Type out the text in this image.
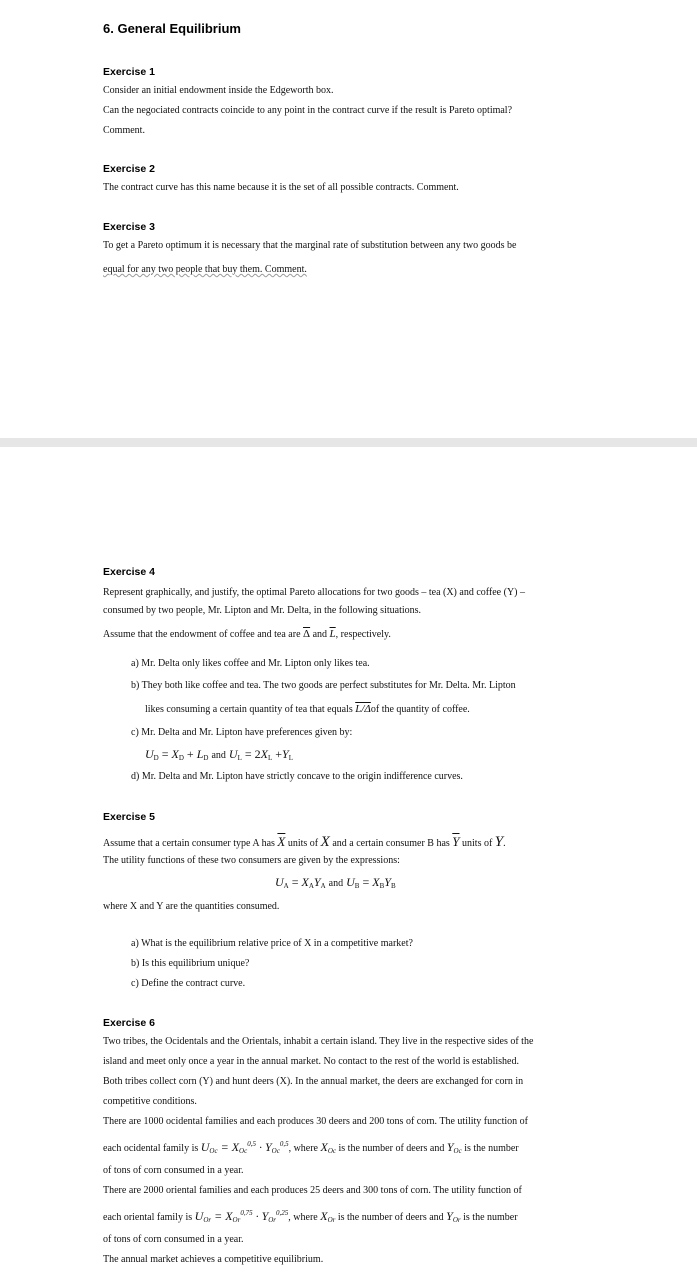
6. General Equilibrium
Exercise 1
Consider an initial endowment inside the Edgeworth box.
Can the negociated contracts coincide to any point in the contract curve if the result is Pareto optimal?
Comment.
Exercise 2
The contract curve has this name because it is the set of all possible contracts. Comment.
Exercise 3
To get a Pareto optimum it is necessary that the marginal rate of substitution between any two goods be
equal for any two people that buy them. Comment.
Exercise 4
Represent graphically, and justify, the optimal Pareto allocations for two goods – tea (X) and coffee (Y) –
consumed by two people, Mr. Lipton and Mr. Delta, in the following situations.
Assume that the endowment of coffee and tea are $\overline{\Delta}$ and $\overline{L}$, respectively.
a) Mr. Delta only likes coffee and Mr. Lipton only likes tea.
b) They both like coffee and tea. The two goods are perfect substitutes for Mr. Delta. Mr. Lipton
likes consuming a certain quantity of tea that equals L/Δof the quantity of coffee.
c) Mr. Delta and Mr. Lipton have preferences given by:
$U_D = X_D + L_D$ and $U_L = 2X_L +Y_L$
d) Mr. Delta and Mr. Lipton have strictly concave to the origin indifference curves.
Exercise 5
Assume that a certain consumer type A has $\overline{X}$ units of X and a certain consumer B has $\overline{Y}$ units of Y.
The utility functions of these two consumers are given by the expressions:
$U_A = X_AY_A$ and $U_B = X_BY_B$
where X and Y are the quantities consumed.
a) What is the equilibrium relative price of X in a competitive market?
b) Is this equilibrium unique?
c) Define the contract curve.
Exercise 6
Two tribes, the Ocidentals and the Orientals, inhabit a certain island. They live in the respective sides of the
island and meet only once a year in the annual market. No contact to the rest of the world is established.
Both tribes collect corn (Y) and hunt deers (X). In the annual market, the deers are exchanged for corn in
competitive conditions.
There are 1000 ocidental families and each produces 30 deers and 200 tons of corn. The utility function of
each ocidental family is $U_{Oc} = X_{Oc}^{0,5} \cdot Y_{Oc}^{0,5}$, where $X_{Oc}$ is the number of deers and $Y_{Oc}$ is the number
of tons of corn consumed in a year.
There are 2000 oriental families and each produces 25 deers and 300 tons of corn. The utility function of
each oriental family is $U_{Or} = X_{Or}^{0,75} \cdot Y_{Or}^{0,25}$, where $X_{Or}$ is the number of deers and $Y_{Or}$ is the number
of tons of corn consumed in a year.
The annual market achieves a competitive equilibrium.
